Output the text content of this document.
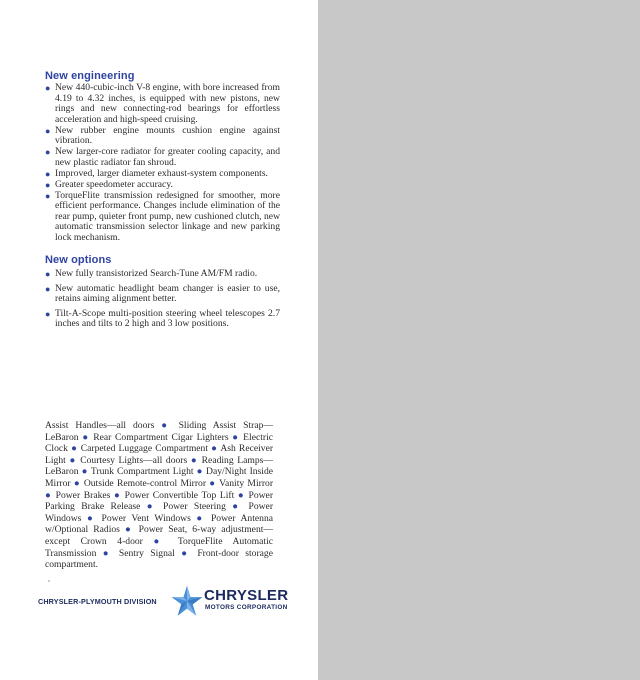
New engineering
● New 440-cubic-inch V-8 engine, with bore increased from 4.19 to 4.32 inches, is equipped with new pistons, new rings and new connecting-rod bearings for effortless acceleration and high-speed cruising.
● New rubber engine mounts cushion engine against vibration.
● New larger-core radiator for greater cooling capacity, and new plastic radiator fan shroud.
● Improved, larger diameter exhaust-system components.
● Greater speedometer accuracy.
● TorqueFlite transmission redesigned for smoother, more efficient performance. Changes include elimination of the rear pump, quieter front pump, new cushioned clutch, new automatic transmission selector linkage and new parking lock mechanism.
New options
● New fully transistorized Search-Tune AM/FM radio.
● New automatic headlight beam changer is easier to use, retains aiming alignment better.
● Tilt-A-Scope multi-position steering wheel telescopes 2.7 inches and tilts to 2 high and 3 low positions.
Assist Handles—all doors ● Sliding Assist Strap—LeBaron ● Rear Compartment Cigar Lighters ● Electric Clock ● Carpeted Luggage Compartment ● Ash Receiver Light ● Courtesy Lights—all doors ● Reading Lamps—LeBaron ● Trunk Compartment Light ● Day/Night Inside Mirror ● Outside Remote-control Mirror ● Vanity Mirror ● Power Brakes ● Power Convertible Top Lift ● Power Parking Brake Release ● Power Steering ● Power Windows ● Power Vent Windows ● Power Antenna w/Optional Radios ● Power Seat, 6-way adjustment—except Crown 4-door ● TorqueFlite Automatic Transmission ● Sentry Signal ● Front-door storage compartment.
CHRYSLER-PLYMOUTH DIVISION	CHRYSLER
MOTORS CORPORATION
